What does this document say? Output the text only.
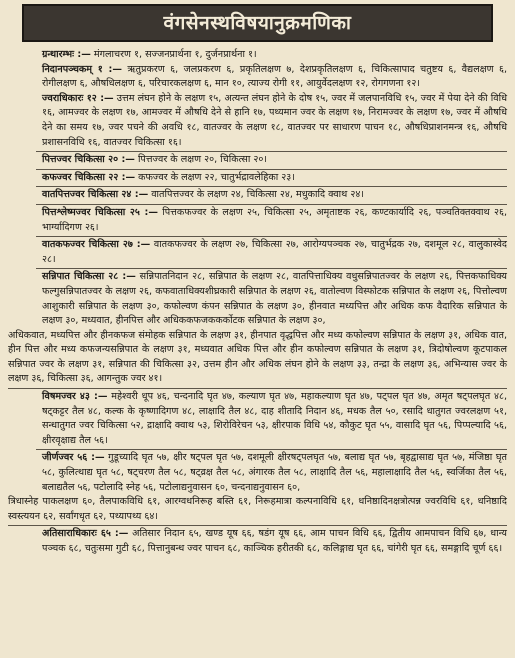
वंगसेनस्थविषयानुक्रमणिका

ग्रन्थारम्भः :— मंगलाचरण १, सज्जनप्रार्थना १, दुर्जनप्रार्थना १।

निदानपञ्चकम् १ :— ऋतुप्रकरण ६, जलप्रकरण ६, प्रकृतिलक्षण ७, देशप्रकृतिलक्षण ६, चिकित्सापाद चतुष्टय ६, वैद्यलक्षण ६, रोगीलक्षण ६, औषधिलक्षण ६, परिचारकलक्षण ६, मान १०, त्याज्य रोगी ११, आयुर्वेदलक्षण १२, रोगगणना १२।

ज्वराधिकारः १२ :— उत्तम लंघन होने के लक्षण १५, अत्यन्त लंघन होने के दोष १५, ज्वर में जलपानविधि १५, ज्वर में पेया देने की विधि १६, आमज्वर के लक्षण १७, आमज्वर में औषधि देने से हानि १७, पथ्यमान ज्वर के लक्षण १७, निरामज्वर के लक्षण १७, ज्वर में औषधि देने का समय १७, ज्वर पचने की अवधि १८, वातज्वर के लक्षण १८, वातज्वर पर साधारण पाचन १८, औषधिप्राशनमन्त्र १६, औषधि प्रशासनविधि १६, वातज्वर चिकित्सा १६।

पित्तज्वर चिकित्सा २० :— पित्तज्वर के लक्षण २०, चिकित्सा २०।

कफज्वर चिकित्सा २२ :— कफज्वर के लक्षण २२, चातुर्भद्रावलेहिका २३।

वातपित्तज्वर चिकित्सा २४ :— वातपित्तज्वर के लक्षण २४, चिकित्सा २४, मधुकादि क्वाथ २४।

पित्तश्लेष्मज्वर चिकित्सा २५ :— पित्तकफज्वर के लक्षण २५, चिकित्सा २५, अमृताष्टक २६, कण्टकार्यादि २६, पञ्चतिक्तक्वाथ २६, भार्ग्यादिगण २६।

वातकफज्वर चिकित्सा २७ :— वातकफज्वर के लक्षण २७, चिकित्सा २७, आरोग्यपञ्चक २७, चातुर्भद्रक २७, दशमूल २८, वालुकास्वेद २८।

सन्निपात चिकित्सा २८ :— सन्निपातनिदान २८, सन्निपात के लक्षण २८, वातपित्ताधिक्य वधुसन्निपातज्वर के लक्षण २६, पित्तकफाधिक्य फल्गुसन्निपातज्वर के लक्षण २६, कफवाताधिक्यशीघ्रकारी सन्निपात के लक्षण २६, वातोल्वण विस्फोटक सन्निपात के लक्षण २६, पित्तोल्वण आशुकारी सन्निपात के लक्षण ३०, कफोल्वण कंपन सन्निपात के लक्षण ३०, हीनवात मध्यपित्त और अधिक कफ वैदारिक सन्निपात के लक्षण ३०, मध्यवात, हीनपित्त और अधिककफजककर्कोटक सन्निपात के लक्षण ३०,

अधिकवात, मध्यपित्त और हीनकफज संमोहक सन्निपात के लक्षण ३१, हीनपात वृद्धपित्त और मध्य कफोल्वण सन्निपात के लक्षण ३१, अधिक वात, हीन पित्त और मध्य कफजन्यसन्निपात के लक्षण ३१, मध्यवात अधिक पित्त और हीन कफोल्वण सन्निपात के लक्षण ३१, त्रिदोषोल्वण कूटपाकल सन्निपात ज्वर के लक्षण ३१, सन्निपात की चिकित्सा ३२, उत्तम हीन और अधिक लंघन होने के लक्षण ३३, तन्द्रा के लक्षण ३६, अभिन्यास ज्वर के लक्षण ३६, चिकित्सा ३६, आगन्तुक ज्वर ४१।

विषमज्वर ४३ :— महेश्वरी धूप ४६, चन्दनादि घृत ४७, कल्याण घृत ४७, महाकल्याण घृत ४७, पट्पल घृत ४७, अमृत षट्पलघृत ४८, षट्कट्टर तैल ४८, कल्क के कृष्णादिगण ४८, लाक्षादि तैल ४८, दाह शीतादि निदान ४६, मधक तैल ५०, रसादि धातुगत ज्वरलक्षण ५१, सन्धातुगत ज्वर चिकित्सा ५२, द्राक्षादि क्वाथ ५३, शिरोविरेचन ५३, क्षीरपाक विधि ५४, कौकुट घृत ५५, वासादि घृत ५६, पिप्पल्यादि ५६, क्षीरवृक्षाद्य तैल ५६।

जीर्णज्वर ५६ :— गुडूच्यादि घृत ५७, क्षीर षट्पल घृत ५७, दशमूली क्षीरषट्पलघृत ५७, बलाद्य घृत ५७, बृहद्वासाद्य घृत ५७, मंजिष्ठा घृत ५८, कुलित्थाद्य घृत ५८, षट्चरण तैल ५८, षट्व्रक्ष तैल ५८, अंगारक तैल ५८, लाक्षादि तैल ५६, महालाक्षादि तैल ५६, स्वर्जिका तैल ५६, बलाद्यतैल ५६, पटोलादि स्नेह ५६, पटोलाद्यनुवासन ६०, चन्दनाद्यनुवासन ६०,

त्रिधास्नेह पाकलक्षण ६०, तैलपाकविधि ६१, आरग्वधनिरूह बस्ति ६१, निरूहमात्रा कल्पनाविधि ६१, धनिष्ठादिनक्षत्रोत्पन्न ज्वरविधि ६१, धनिष्ठादि स्वस्त्ययन ६२, सर्वांगधृत ६२, पथ्यापथ्य ६४।

अतिसाराधिकारः ६५ :— अतिसार निदान ६५, खण्ड यूष ६६, षडंग यूष ६६, आम पाचन विधि ६६, द्वितीय आमपाचन विधि ६७, धान्य पञ्चक ६८, चतुःसमा गुटी ६८, पित्तानुबन्ध ज्वर पाचन ६८, काञ्चिक हरीतकी ६८, कलिङ्गाद्य घृत ६६, चांगेरी घृत ६६, समङ्गादि चूर्ण ६६।
